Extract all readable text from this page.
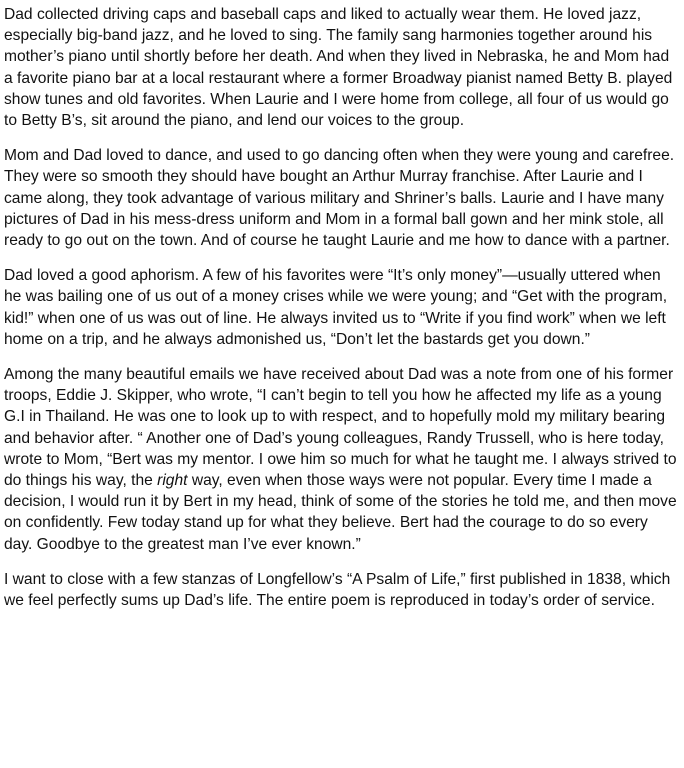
Dad collected driving caps and baseball caps and liked to actually wear them. He loved jazz, especially big-band jazz, and he loved to sing. The family sang harmonies together around his mother’s piano until shortly before her death. And when they lived in Nebraska, he and Mom had a favorite piano bar at a local restaurant where a former Broadway pianist named Betty B. played show tunes and old favorites. When Laurie and I were home from college, all four of us would go to Betty B’s, sit around the piano, and lend our voices to the group.

Mom and Dad loved to dance, and used to go dancing often when they were young and carefree. They were so smooth they should have bought an Arthur Murray franchise. After Laurie and I came along, they took advantage of various military and Shriner’s balls. Laurie and I have many pictures of Dad in his mess-dress uniform and Mom in a formal ball gown and her mink stole, all ready to go out on the town. And of course he taught Laurie and me how to dance with a partner.

Dad loved a good aphorism. A few of his favorites were “It’s only money”—usually uttered when he was bailing one of us out of a money crises while we were young; and “Get with the program, kid!” when one of us was out of line. He always invited us to “Write if you find work” when we left home on a trip, and he always admonished us, “Don’t let the bastards get you down.”

Among the many beautiful emails we have received about Dad was a note from one of his former troops, Eddie J. Skipper, who wrote, “I can’t begin to tell you how he affected my life as a young G.I in Thailand. He was one to look up to with respect, and to hopefully mold my military bearing and behavior after. “ Another one of Dad’s young colleagues, Randy Trussell, who is here today, wrote to Mom, “Bert was my mentor. I owe him so much for what he taught me. I always strived to do things his way, the right way, even when those ways were not popular. Every time I made a decision, I would run it by Bert in my head, think of some of the stories he told me, and then move on confidently. Few today stand up for what they believe. Bert had the courage to do so every day. Goodbye to the greatest man I’ve ever known.”

I want to close with a few stanzas of Longfellow’s “A Psalm of Life,” first published in 1838, which we feel perfectly sums up Dad’s life. The entire poem is reproduced in today’s order of service.
